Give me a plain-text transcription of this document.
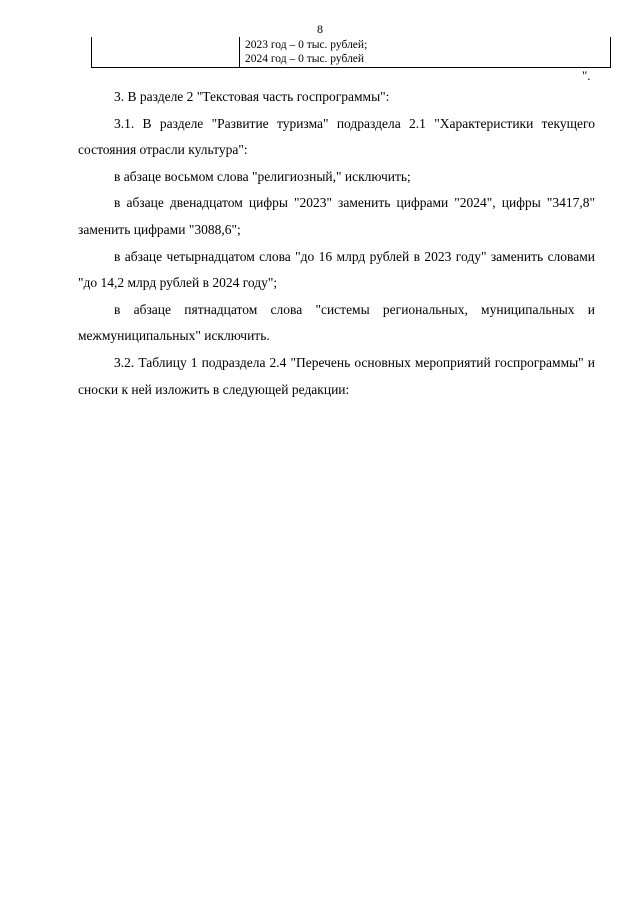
8
2023 год – 0 тыс. рублей;
2024 год – 0 тыс. рублей
".

3. В разделе 2 "Текстовая часть госпрограммы":

3.1. В разделе "Развитие туризма" подраздела 2.1 "Характеристики текущего состояния отрасли культура":

в абзаце восьмом слова "религиозный," исключить;

в абзаце двенадцатом цифры "2023" заменить цифрами "2024", цифры "3417,8" заменить цифрами "3088,6";

в абзаце четырнадцатом слова "до 16 млрд рублей в 2023 году" заменить словами "до 14,2 млрд рублей в 2024 году";

в абзаце пятнадцатом слова "системы региональных, муниципальных и межмуниципальных" исключить.

3.2. Таблицу 1 подраздела 2.4 "Перечень основных мероприятий госпрограммы" и сноски к ней изложить в следующей редакции:
